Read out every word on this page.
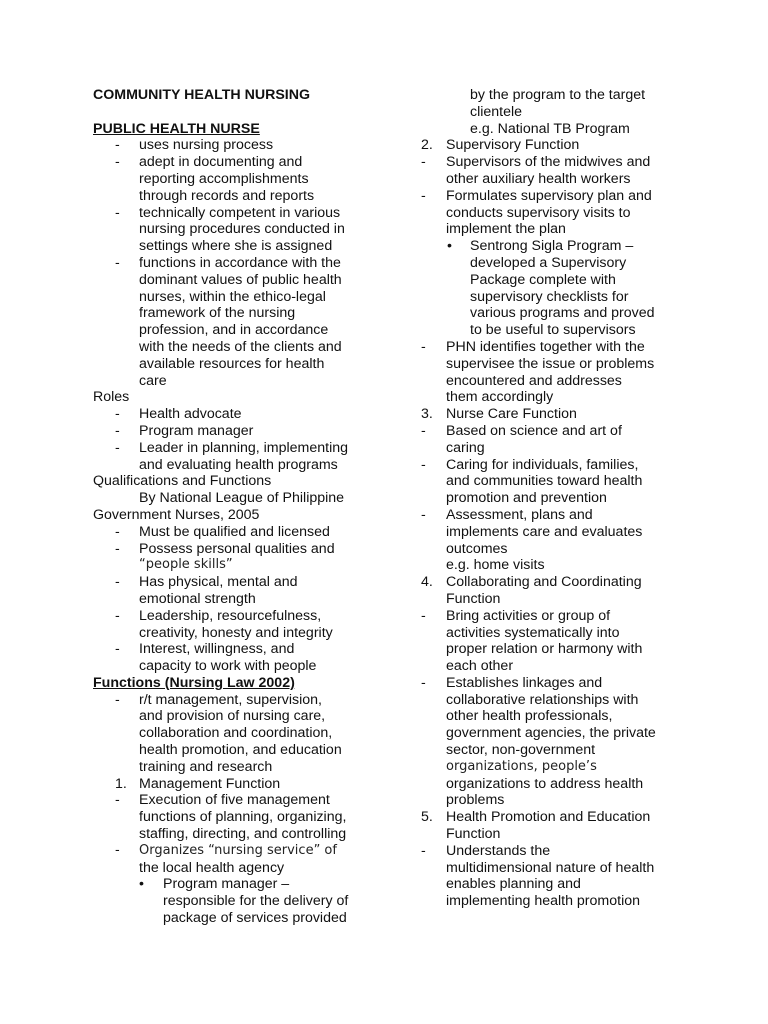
COMMUNITY HEALTH NURSING
PUBLIC HEALTH NURSE
- uses nursing process
- adept in documenting and
reporting accomplishments
through records and reports
- technically competent in various
nursing procedures conducted in
settings where she is assigned
- functions in accordance with the
dominant values of public health
nurses, within the ethico-legal
framework of the nursing
profession, and in accordance
with the needs of the clients and
available resources for health
care
Roles
- Health advocate
- Program manager
- Leader in planning, implementing
and evaluating health programs
Qualifications and Functions
By National League of Philippine
Government Nurses, 2005
- Must be qualified and licensed
- Possess personal qualities and
“people skills”
- Has physical, mental and
emotional strength
- Leadership, resourcefulness,
creativity, honesty and integrity
- Interest, willingness, and
capacity to work with people
Functions (Nursing Law 2002)
- r/t management, supervision,
and provision of nursing care,
collaboration and coordination,
health promotion, and education
training and research
1. Management Function
- Execution of five management
functions of planning, organizing,
staffing, directing, and controlling
- Organizes “nursing service” of
the local health agency
• Program manager –
responsible for the delivery of
package of services provided
by the program to the target
clientele
e.g. National TB Program
2. Supervisory Function
- Supervisors of the midwives and
other auxiliary health workers
- Formulates supervisory plan and
conducts supervisory visits to
implement the plan
• Sentrong Sigla Program –
developed a Supervisory
Package complete with
supervisory checklists for
various programs and proved
to be useful to supervisors
- PHN identifies together with the
supervisee the issue or problems
encountered and addresses
them accordingly
3. Nurse Care Function
- Based on science and art of
caring
- Caring for individuals, families,
and communities toward health
promotion and prevention
- Assessment, plans and
implements care and evaluates
outcomes
e.g. home visits
4. Collaborating and Coordinating
Function
- Bring activities or group of
activities systematically into
proper relation or harmony with
each other
- Establishes linkages and
collaborative relationships with
other health professionals,
government agencies, the private
sector, non-government
organizations, people’s
organizations to address health
problems
5. Health Promotion and Education
Function
- Understands the
multidimensional nature of health
enables planning and
implementing health promotion
